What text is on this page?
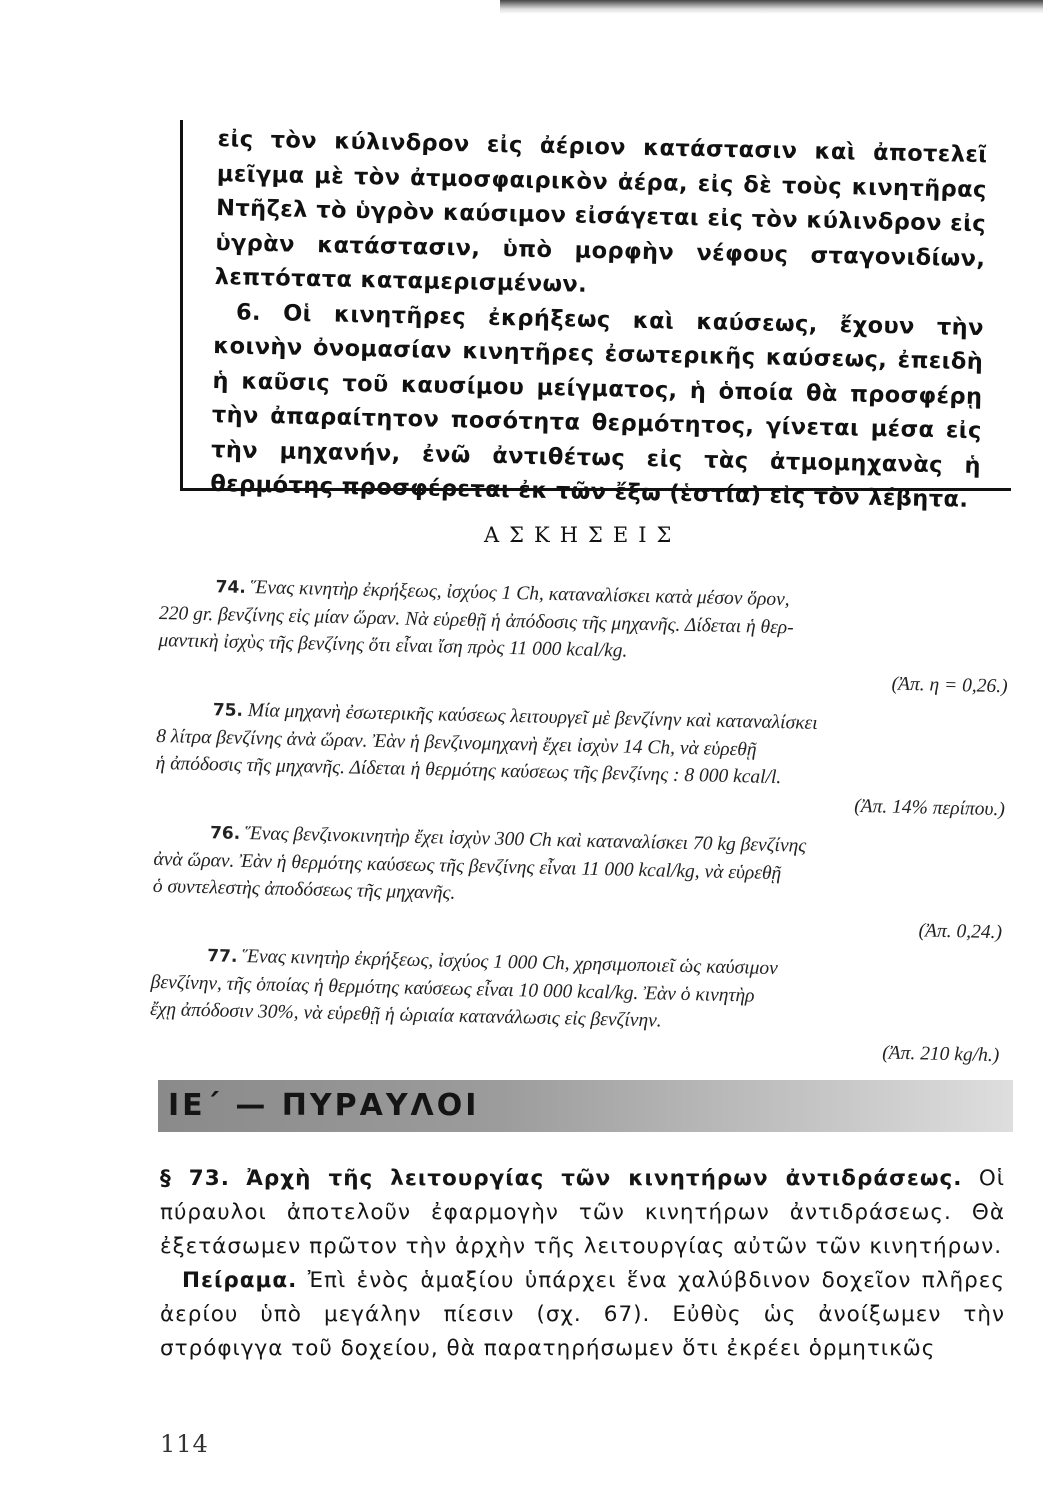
εἰς τὸν κύλινδρον εἰς ἀέριον κατάστασιν καὶ ἀποτελεῖ μεῖγμα μὲ τὸν ἀτμοσφαιρικὸν ἀέρα, εἰς δὲ τοὺς κινητῆρας Ντῆζελ τὸ ὑγρὸν καύσιμον εἰσάγεται εἰς τὸν κύλινδρον εἰς ὑγρὰν κατάστασιν, ὑπὸ μορφὴν νέφους σταγονιδίων, λεπτότατα καταμερισμένων.

6. Οἱ κινητῆρες ἐκρήξεως καὶ καύσεως, ἔχουν τὴν κοινὴν ὀνομασίαν κινητῆρες ἐσωτερικῆς καύσεως, ἐπειδὴ ἡ καῦσις τοῦ καυσίμου μείγματος, ἡ ὁποία θὰ προσφέρῃ τὴν ἀπαραίτητον ποσότητα θερμότητος, γίνεται μέσα εἰς τὴν μηχανήν, ἐνῶ ἀντιθέτως εἰς τὰς ἀτμομηχανὰς ἡ θερμότης προσφέρεται ἐκ τῶν ἔξω (ἑστία) εἰς τὸν λέβητα.

ΑΣΚΗΣΕΙΣ

74. Ἕνας κινητὴρ ἐκρήξεως, ἰσχύος 1 Ch, καταναλίσκει κατὰ μέσον ὅρον,

220 gr. βενζίνης εἰς μίαν ὥραν. Νὰ εὑρεθῇ ἡ ἀπόδοσις τῆς μηχανῆς. Δίδεται ἡ θερ-

μαντικὴ ἰσχὺς τῆς βενζίνης ὅτι εἶναι ἴση πρὸς 11 000 kcal/kg.

(Ἀπ. η = 0,26.)

75. Μία μηχανὴ ἐσωτερικῆς καύσεως λειτουργεῖ μὲ βενζίνην καὶ καταναλίσκει

8 λίτρα βενζίνης ἀνὰ ὥραν. Ἐὰν ἡ βενζινομηχανὴ ἔχει ἰσχὺν 14 Ch, νὰ εὑρεθῇ

ἡ ἀπόδοσις τῆς μηχανῆς. Δίδεται ἡ θερμότης καύσεως τῆς βενζίνης : 8 000 kcal/l.

(Ἀπ. 14% περίπου.)

76. Ἕνας βενζινοκινητὴρ ἔχει ἰσχὺν 300 Ch καὶ καταναλίσκει 70 kg βενζίνης

ἀνὰ ὥραν. Ἐὰν ἡ θερμότης καύσεως τῆς βενζίνης εἶναι 11 000 kcal/kg, νὰ εὑρεθῇ

ὁ συντελεστὴς ἀποδόσεως τῆς μηχανῆς.

(Ἀπ. 0,24.)

77. Ἕνας κινητὴρ ἐκρήξεως, ἰσχύος 1 000 Ch, χρησιμοποιεῖ ὡς καύσιμον

βενζίνην, τῆς ὁποίας ἡ θερμότης καύσεως εἶναι 10 000 kcal/kg. Ἐὰν ὁ κινητὴρ

ἔχῃ ἀπόδοσιν 30%, νὰ εὑρεθῇ ἡ ὡριαία κατανάλωσις εἰς βενζίνην.

(Ἀπ. 210 kg/h.)

ΙΕ΄ — ΠΥΡΑΥΛΟΙ

§ 73. Ἀρχὴ τῆς λειτουργίας τῶν κινητήρων ἀντιδράσεως. Οἱ πύραυλοι ἀποτελοῦν ἐφαρμογὴν τῶν κινητήρων ἀντιδράσεως. Θὰ ἐξετάσωμεν πρῶτον τὴν ἀρχὴν τῆς λειτουργίας αὐτῶν τῶν κινητήρων.

Πείραμα. Ἐπὶ ἑνὸς ἁμαξίου ὑπάρχει ἕνα χαλύβδινον δοχεῖον πλῆρες ἀερίου ὑπὸ μεγάλην πίεσιν (σχ. 67). Εὐθὺς ὡς ἀνοίξωμεν τὴν στρόφιγγα τοῦ δοχείου, θὰ παρατηρήσωμεν ὅτι ἐκρέει ὁρμητικῶς

114
